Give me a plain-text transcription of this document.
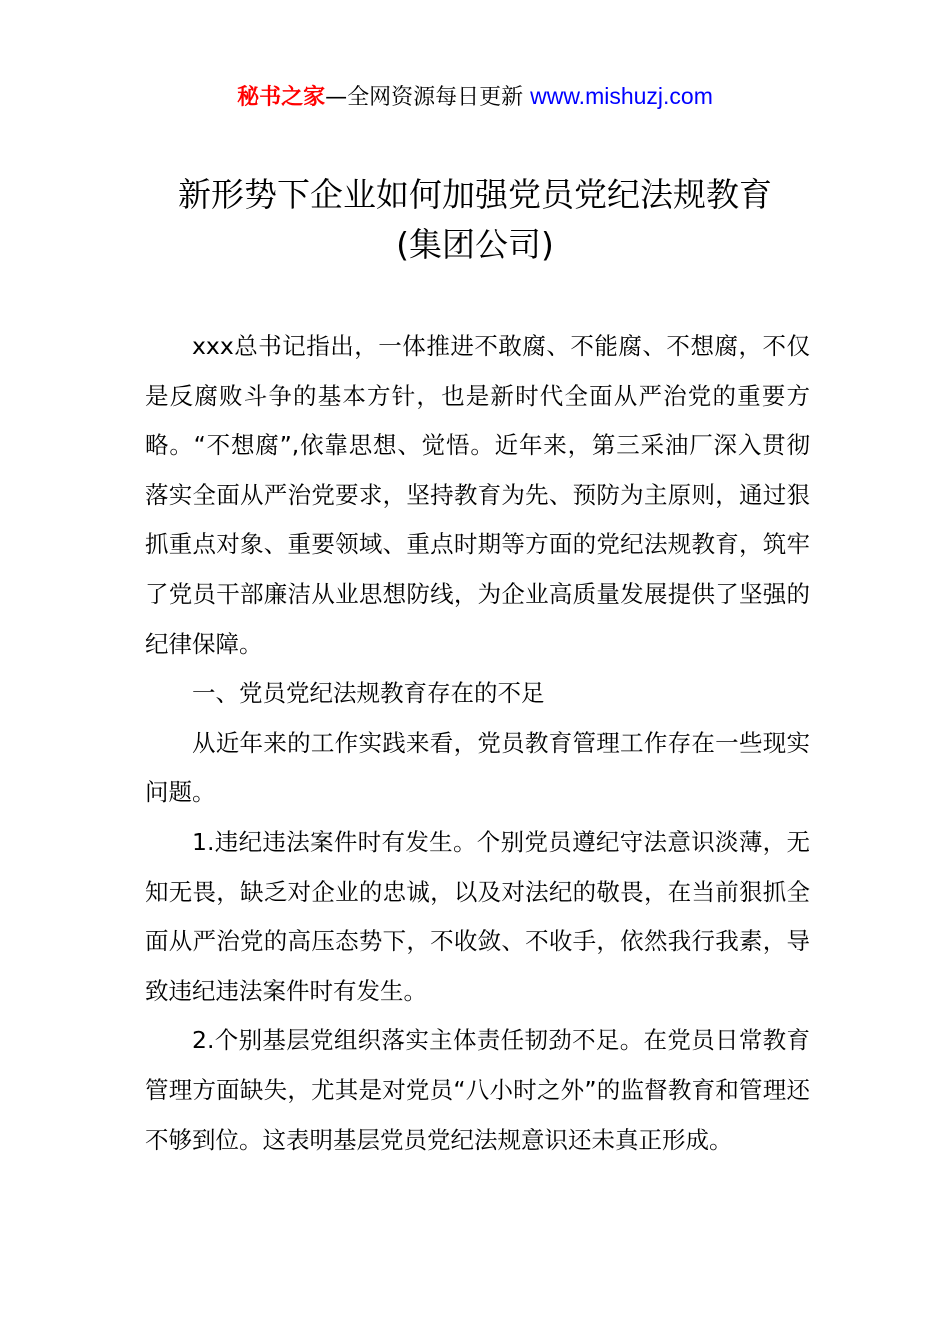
秘书之家—全网资源每日更新 www.mishuzj.com
新形势下企业如何加强党员党纪法规教育
(集团公司)

xxx总书记指出，一体推进不敢腐、不能腐、不想腐，不仅是反腐败斗争的基本方针，也是新时代全面从严治党的重要方略。“不想腐”,依靠思想、觉悟。近年来，第三采油厂深入贯彻落实全面从严治党要求，坚持教育为先、预防为主原则，通过狠抓重点对象、重要领域、重点时期等方面的党纪法规教育，筑牢了党员干部廉洁从业思想防线，为企业高质量发展提供了坚强的纪律保障。

一、党员党纪法规教育存在的不足

从近年来的工作实践来看，党员教育管理工作存在一些现实问题。

1.违纪违法案件时有发生。个别党员遵纪守法意识淡薄，无知无畏，缺乏对企业的忠诚，以及对法纪的敬畏，在当前狠抓全面从严治党的高压态势下，不收敛、不收手，依然我行我素，导致违纪违法案件时有发生。

2.个别基层党组织落实主体责任韧劲不足。在党员日常教育管理方面缺失，尤其是对党员“八小时之外”的监督教育和管理还不够到位。这表明基层党员党纪法规意识还未真正形成。
